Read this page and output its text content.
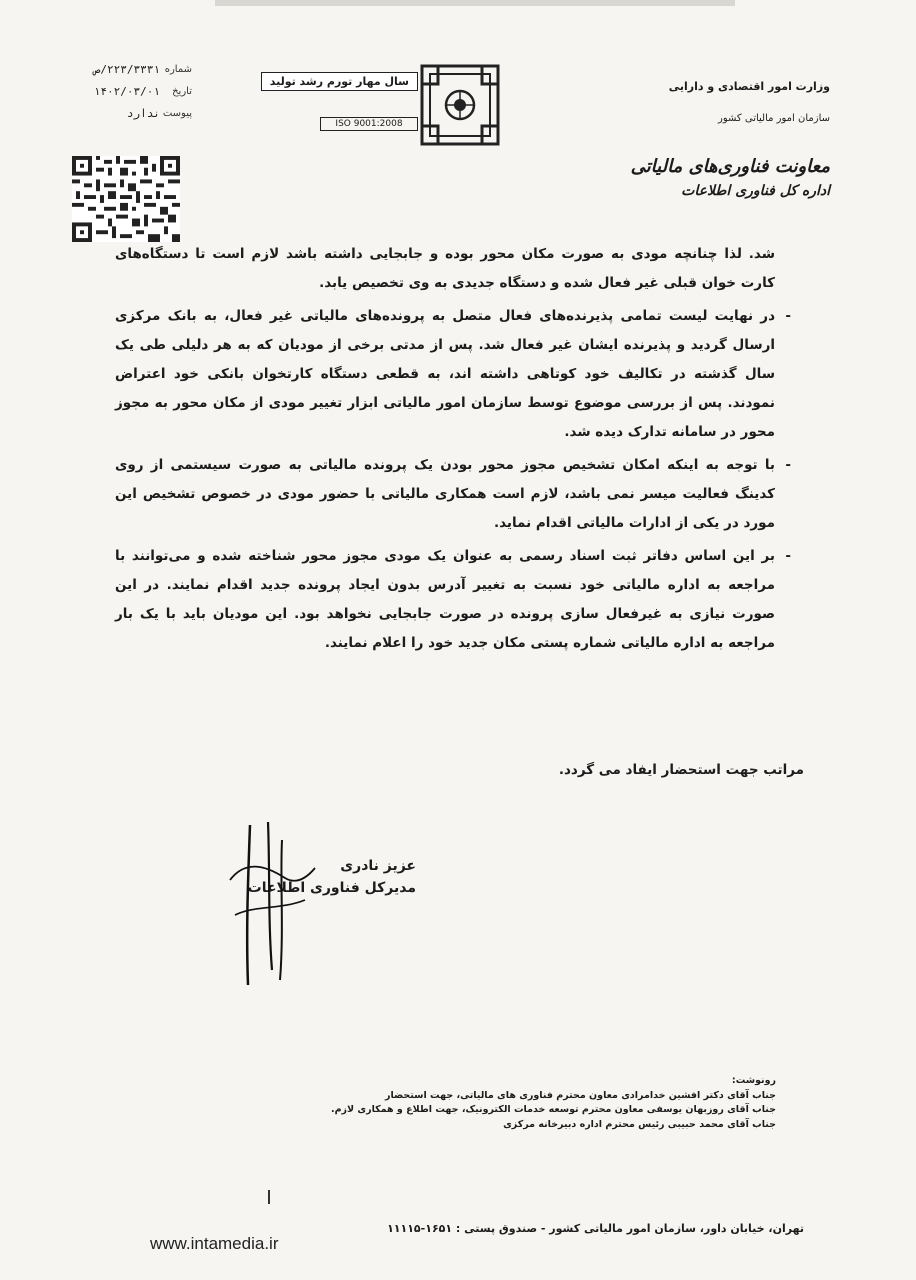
شماره
۲۲۳/۳۳۳۱/ص
تاریخ
۱۴۰۲/۰۳/۰۱
پیوست
ندارد
سال مهار تورم رشد تولید
ISO 9001:2008
وزارت امور اقتصادی و دارایی
سازمان امور مالیاتی کشور
معاونت فناوری‌های مالیاتی
اداره کل فناوری اطلاعات

شد. لذا چنانچه مودی به صورت مکان محور بوده و جابجایی داشته باشد لازم است تا دستگاه‌های کارت خوان قبلی غیر فعال شده و دستگاه جدیدی به وی تخصیص یابد.

- در نهایت لیست تمامی پذیرنده‌های فعال متصل به پرونده‌های مالیاتی غیر فعال، به بانک مرکزی ارسال گردید و پذیرنده ایشان غیر فعال شد. پس از مدتی برخی از مودیان که به هر دلیلی طی یک سال گذشته در تکالیف خود کوتاهی داشته اند، به قطعی دستگاه کارتخوان بانکی خود اعتراض نمودند. پس از بررسی موضوع توسط سازمان امور مالیاتی ابزار تغییر مودی از مکان محور به مجوز محور در سامانه تدارک دیده شد.

- با توجه به اینکه امکان تشخیص مجوز محور بودن یک پرونده مالیاتی به صورت سیستمی از روی کدینگ فعالیت میسر نمی باشد، لازم است همکاری مالیاتی با حضور مودی در خصوص تشخیص این مورد در یکی از ادارات مالیاتی اقدام نماید.

- بر این اساس دفاتر ثبت اسناد رسمی به عنوان یک مودی مجوز محور شناخته شده و می‌توانند با مراجعه به اداره مالیاتی خود نسبت به تغییر آدرس بدون ایجاد پرونده جدید اقدام نمایند. در این صورت نیازی به غیرفعال سازی پرونده در صورت جابجایی نخواهد بود. این مودیان باید با یک بار مراجعه به اداره مالیاتی شماره پستی مکان جدید خود را اعلام نمایند.

مراتب جهت استحضار ایفاد می گردد.
عزیز نادری
مدیرکل فناوری اطلاعات
رونوشت:
جناب آقای دکتر افشین خدامرادی معاون محترم فناوری های مالیاتی، جهت استحضار
جناب آقای روزبهان یوسفی معاون محترم توسعه خدمات الکترونیک، جهت اطلاع و همکاری لازم.
جناب آقای محمد حبیبی رئیس محترم اداره دبیرخانه مرکزی
تهران، خیابان داور، سازمان امور مالیاتی کشور - صندوق پستی : ۱۶۵۱-۱۱۱۱۵
www.intamedia.ir
